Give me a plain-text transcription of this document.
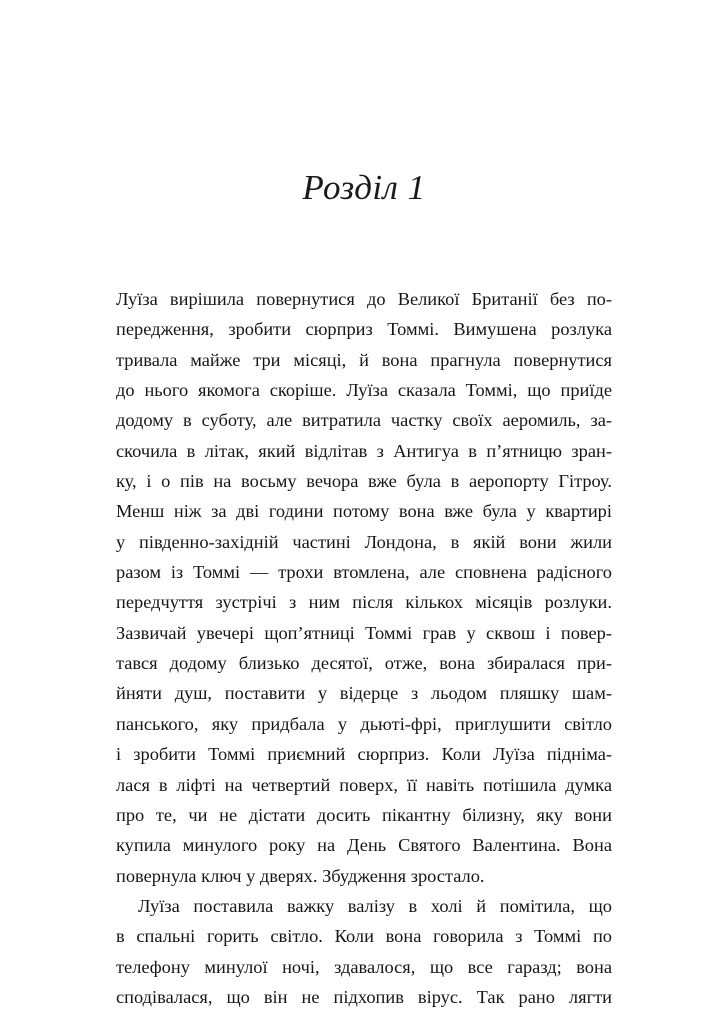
Розділ 1
Луїза вирішила повернутися до Великої Британії без по-
передження, зробити сюрприз Томмі. Вимушена розлука
тривала майже три місяці, й вона прагнула повернутися
до нього якомога скоріше. Луїза сказала Томмі, що приїде
додому в суботу, але витратила частку своїх аеромиль, за-
скочила в літак, який відлітав з Антигуа в п’ятницю зран-
ку, і о пів на восьму вечора вже була в аеропорту Гітроу.
Менш ніж за дві години потому вона вже була у квартирі
у південно-західній частині Лондона, в якій вони жили
разом із Томмі — трохи втомлена, але сповнена радісного
передчуття зустрічі з ним після кількох місяців розлуки.
Зазвичай увечері щоп’ятниці Томмі грав у сквош і повер-
тався додому близько десятої, отже, вона збиралася при-
йняти душ, поставити у відерце з льодом пляшку шам-
панського, яку придбала у дьюті-фрі, приглушити світло
і зробити Томмі приємний сюрприз. Коли Луїза підніма-
лася в ліфті на четвертий поверх, її навіть потішила думка
про те, чи не дістати досить пікантну білизну, яку вони
купила минулого року на День Святого Валентина. Вона
повернула ключ у дверях. Збудження зростало.
Луїза поставила важку валізу в холі й помітила, що
в спальні горить світло. Коли вона говорила з Томмі по
телефону минулої ночі, здавалося, що все гаразд; вона
сподівалася, що він не підхопив вірус. Так рано лягти
